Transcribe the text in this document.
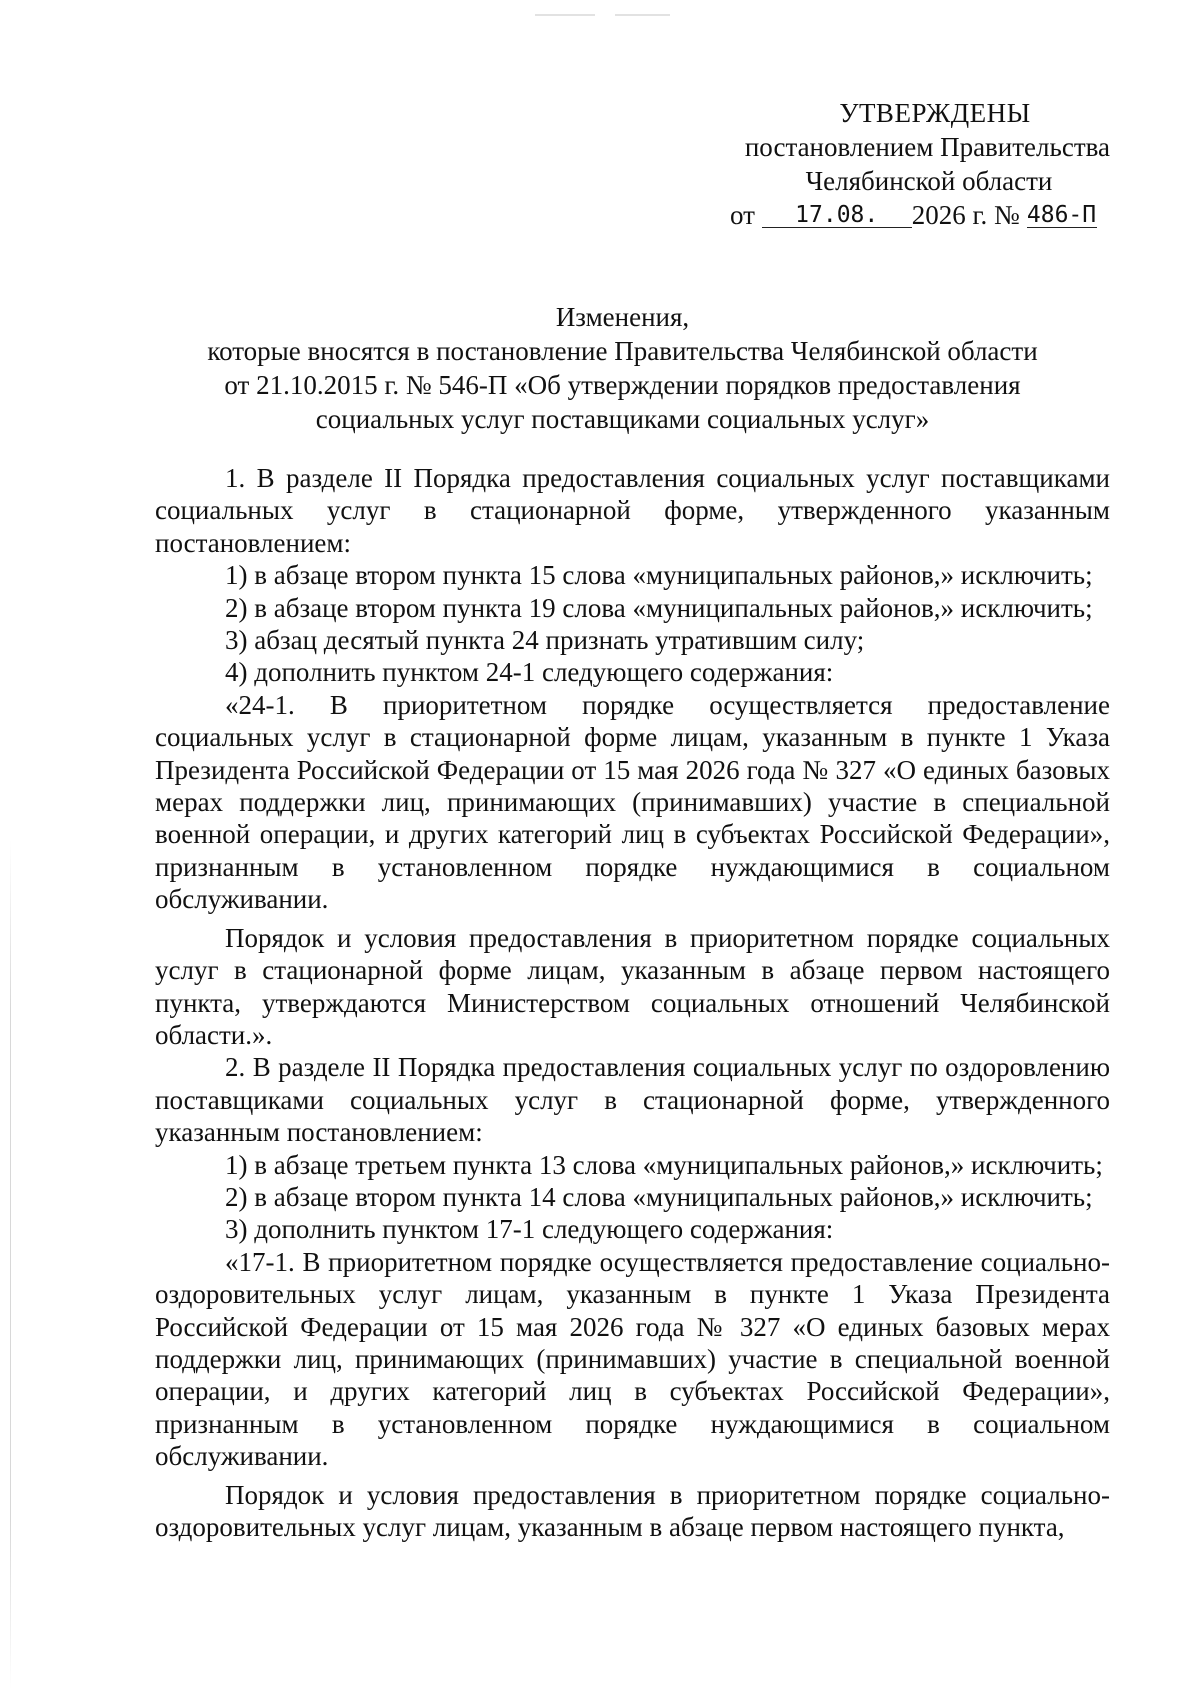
УТВЕРЖДЕНЫ
постановлением Правительства
Челябинской области
от 17.08. 2026 г. № 486-П
Изменения,
которые вносятся в постановление Правительства Челябинской области
от 21.10.2015 г. № 546-П «Об утверждении порядков предоставления
социальных услуг поставщиками социальных услуг»

1. В разделе II Порядка предоставления социальных услуг поставщиками социальных услуг в стационарной форме, утвержденного указанным постановлением:

1) в абзаце втором пункта 15 слова «муниципальных районов,» исключить;

2) в абзаце втором пункта 19 слова «муниципальных районов,» исключить;

3) абзац десятый пункта 24 признать утратившим силу;

4) дополнить пунктом 24-1 следующего содержания:

«24-1. В приоритетном порядке осуществляется предоставление социальных услуг в стационарной форме лицам, указанным в пункте 1 Указа Президента Российской Федерации от 15 мая 2026 года № 327 «О единых базовых мерах поддержки лиц, принимающих (принимавших) участие в специальной военной операции, и других категорий лиц в субъектах Российской Федерации», признанным в установленном порядке нуждающимися в социальном обслуживании.

Порядок и условия предоставления в приоритетном порядке социальных услуг в стационарной форме лицам, указанным в абзаце первом настоящего пункта, утверждаются Министерством социальных отношений Челябинской области.».

2. В разделе II Порядка предоставления социальных услуг по оздоровлению поставщиками социальных услуг в стационарной форме, утвержденного указанным постановлением:

1) в абзаце третьем пункта 13 слова «муниципальных районов,» исключить;

2) в абзаце втором пункта 14 слова «муниципальных районов,» исключить;

3) дополнить пунктом 17-1 следующего содержания:

«17-1. В приоритетном порядке осуществляется предоставление социально-оздоровительных услуг лицам, указанным в пункте 1 Указа Президента Российской Федерации от 15 мая 2026 года № 327 «О единых базовых мерах поддержки лиц, принимающих (принимавших) участие в специальной военной операции, и других категорий лиц в субъектах Российской Федерации», признанным в установленном порядке нуждающимися в социальном обслуживании.

Порядок и условия предоставления в приоритетном порядке социально-оздоровительных услуг лицам, указанным в абзаце первом настоящего пункта,
